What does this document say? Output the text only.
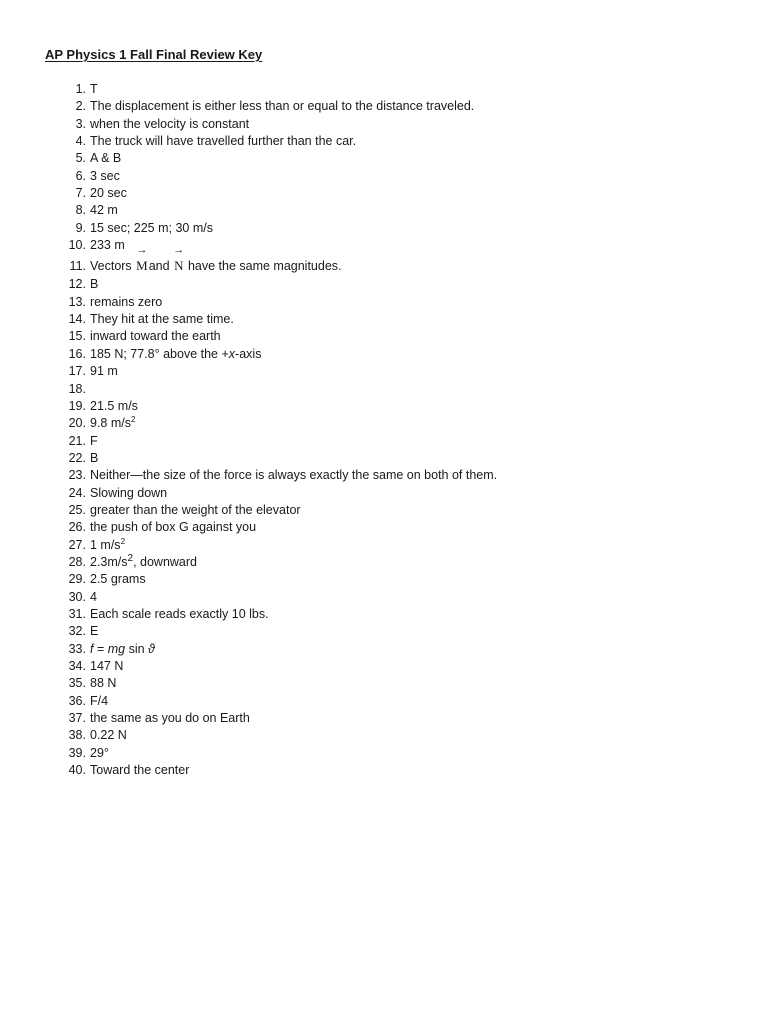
AP Physics 1 Fall Final Review Key
1. T
2. The displacement is either less than or equal to the distance traveled.
3. when the velocity is constant
4. The truck will have travelled further than the car.
5. A & B
6. 3 sec
7. 20 sec
8. 42 m
9. 15 sec; 225 m; 30 m/s
10. 233 m
11. Vectors → Mand → N have the same magnitudes.
12. B
13. remains zero
14. They hit at the same time.
15. inward toward the earth
16. 185 N; 77.8° above the +x-axis
17. 91 m
18.
19. 21.5 m/s
20. 9.8 $m/s^2$
21. F
22. B
23. Neither—the size of the force is always exactly the same on both of them.
24. Slowing down
25. greater than the weight of the elevator
26. the push of box G against you
27. 1 $m/s^2$
28. $2.3m/s^2$, downward
29. 2.5 grams
30. 4
31. Each scale reads exactly 10 lbs.
32. E
33. f = mg sin ϑ
34. 147 N
35. 88 N
36. F/4
37. the same as you do on Earth
38. 0.22 N
39. 29°
40. Toward the center
